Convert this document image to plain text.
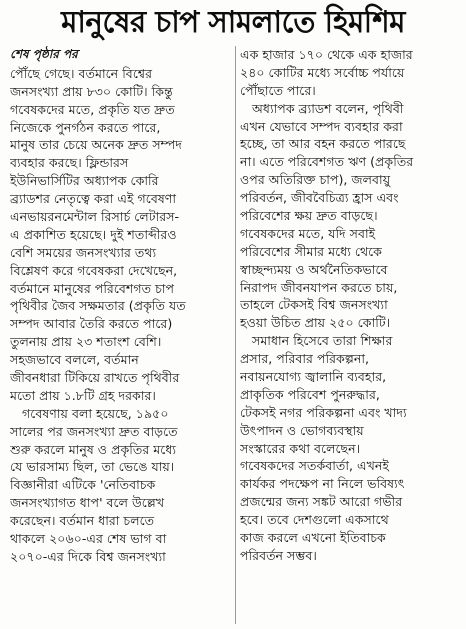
মানুষের চাপ সামলাতে হিমশিম
শেষ পৃষ্ঠার পর
পৌঁছে গেছে। বর্তমানে বিশ্বের
জনসংখ্যা প্রায় ৮৩০ কোটি। কিন্তু
গবেষকদের মতে, প্রকৃতি যত দ্রুত
নিজেকে পুনর্গঠন করতে পারে,
মানুষ তার চেয়ে অনেক দ্রুত সম্পদ
ব্যবহার করছে। ফ্লিন্ডারস
ইউনিভার্সিটির অধ্যাপক কোরি
ব্র্যাডশর নেতৃত্বে করা এই গবেষণা
এনভায়রনমেন্টাল রিসার্চ লেটারস-
এ প্রকাশিত হয়েছে। দুই শতাব্দীরও
বেশি সময়ের জনসংখ্যার তথ্য
বিশ্লেষণ করে গবেষকরা দেখেছেন,
বর্তমানে মানুষের পরিবেশগত চাপ
পৃথিবীর জৈব সক্ষমতার (প্রকৃতি যত
সম্পদ আবার তৈরি করতে পারে)
তুলনায় প্রায় ২৩ শতাংশ বেশি।
সহজভাবে বললে, বর্তমান
জীবনধারা টিকিয়ে রাখতে পৃথিবীর
মতো প্রায় ১.৮টি গ্রহ দরকার।
গবেষণায় বলা হয়েছে, ১৯৫০
সালের পর জনসংখ্যা দ্রুত বাড়তে
শুরু করলে মানুষ ও প্রকৃতির মধ্যে
যে ভারসাম্য ছিল, তা ভেঙে যায়।
বিজ্ঞানীরা এটিকে 'নেতিবাচক
জনসংখ্যাগত ধাপ' বলে উল্লেখ
করেছেন। বর্তমান ধারা চলতে
থাকলে ২০৬০-এর শেষ ভাগ বা
২০৭০-এর দিকে বিশ্ব জনসংখ্যা
এক হাজার ১৭০ থেকে এক হাজার
২৪০ কোটির মধ্যে সর্বোচ্চ পর্যায়ে
পৌঁছাতে পারে।
অধ্যাপক ব্র্যাডশ বলেন, পৃথিবী
এখন যেভাবে সম্পদ ব্যবহার করা
হচ্ছে, তা আর বহন করতে পারছে
না। এতে পরিবেশগত ঋণ (প্রকৃতির
ওপর অতিরিক্ত চাপ), জলবায়ু
পরিবর্তন, জীববৈচিত্র্য হ্রাস এবং
পরিবেশের ক্ষয় দ্রুত বাড়ছে।
গবেষকদের মতে, যদি সবাই
পরিবেশের সীমার মধ্যে থেকে
স্বাচ্ছন্দ্যময় ও অর্থনৈতিকভাবে
নিরাপদ জীবনযাপন করতে চায়,
তাহলে টেকসই বিশ্ব জনসংখ্যা
হওয়া উচিত প্রায় ২৫০ কোটি।
সমাধান হিসেবে তারা শিক্ষার
প্রসার, পরিবার পরিকল্পনা,
নবায়নযোগ্য জ্বালানি ব্যবহার,
প্রাকৃতিক পরিবেশ পুনরুদ্ধার,
টেকসই নগর পরিকল্পনা এবং খাদ্য
উৎপাদন ও ভোগব্যবস্থায়
সংস্কারের কথা বলেছেন।
গবেষকদের সতর্কবার্তা, এখনই
কার্যকর পদক্ষেপ না নিলে ভবিষ্যৎ
প্রজন্মের জন্য সঙ্কট আরো গভীর
হবে। তবে দেশগুলো একসাথে
কাজ করলে এখনো ইতিবাচক
পরিবর্তন সম্ভব।
